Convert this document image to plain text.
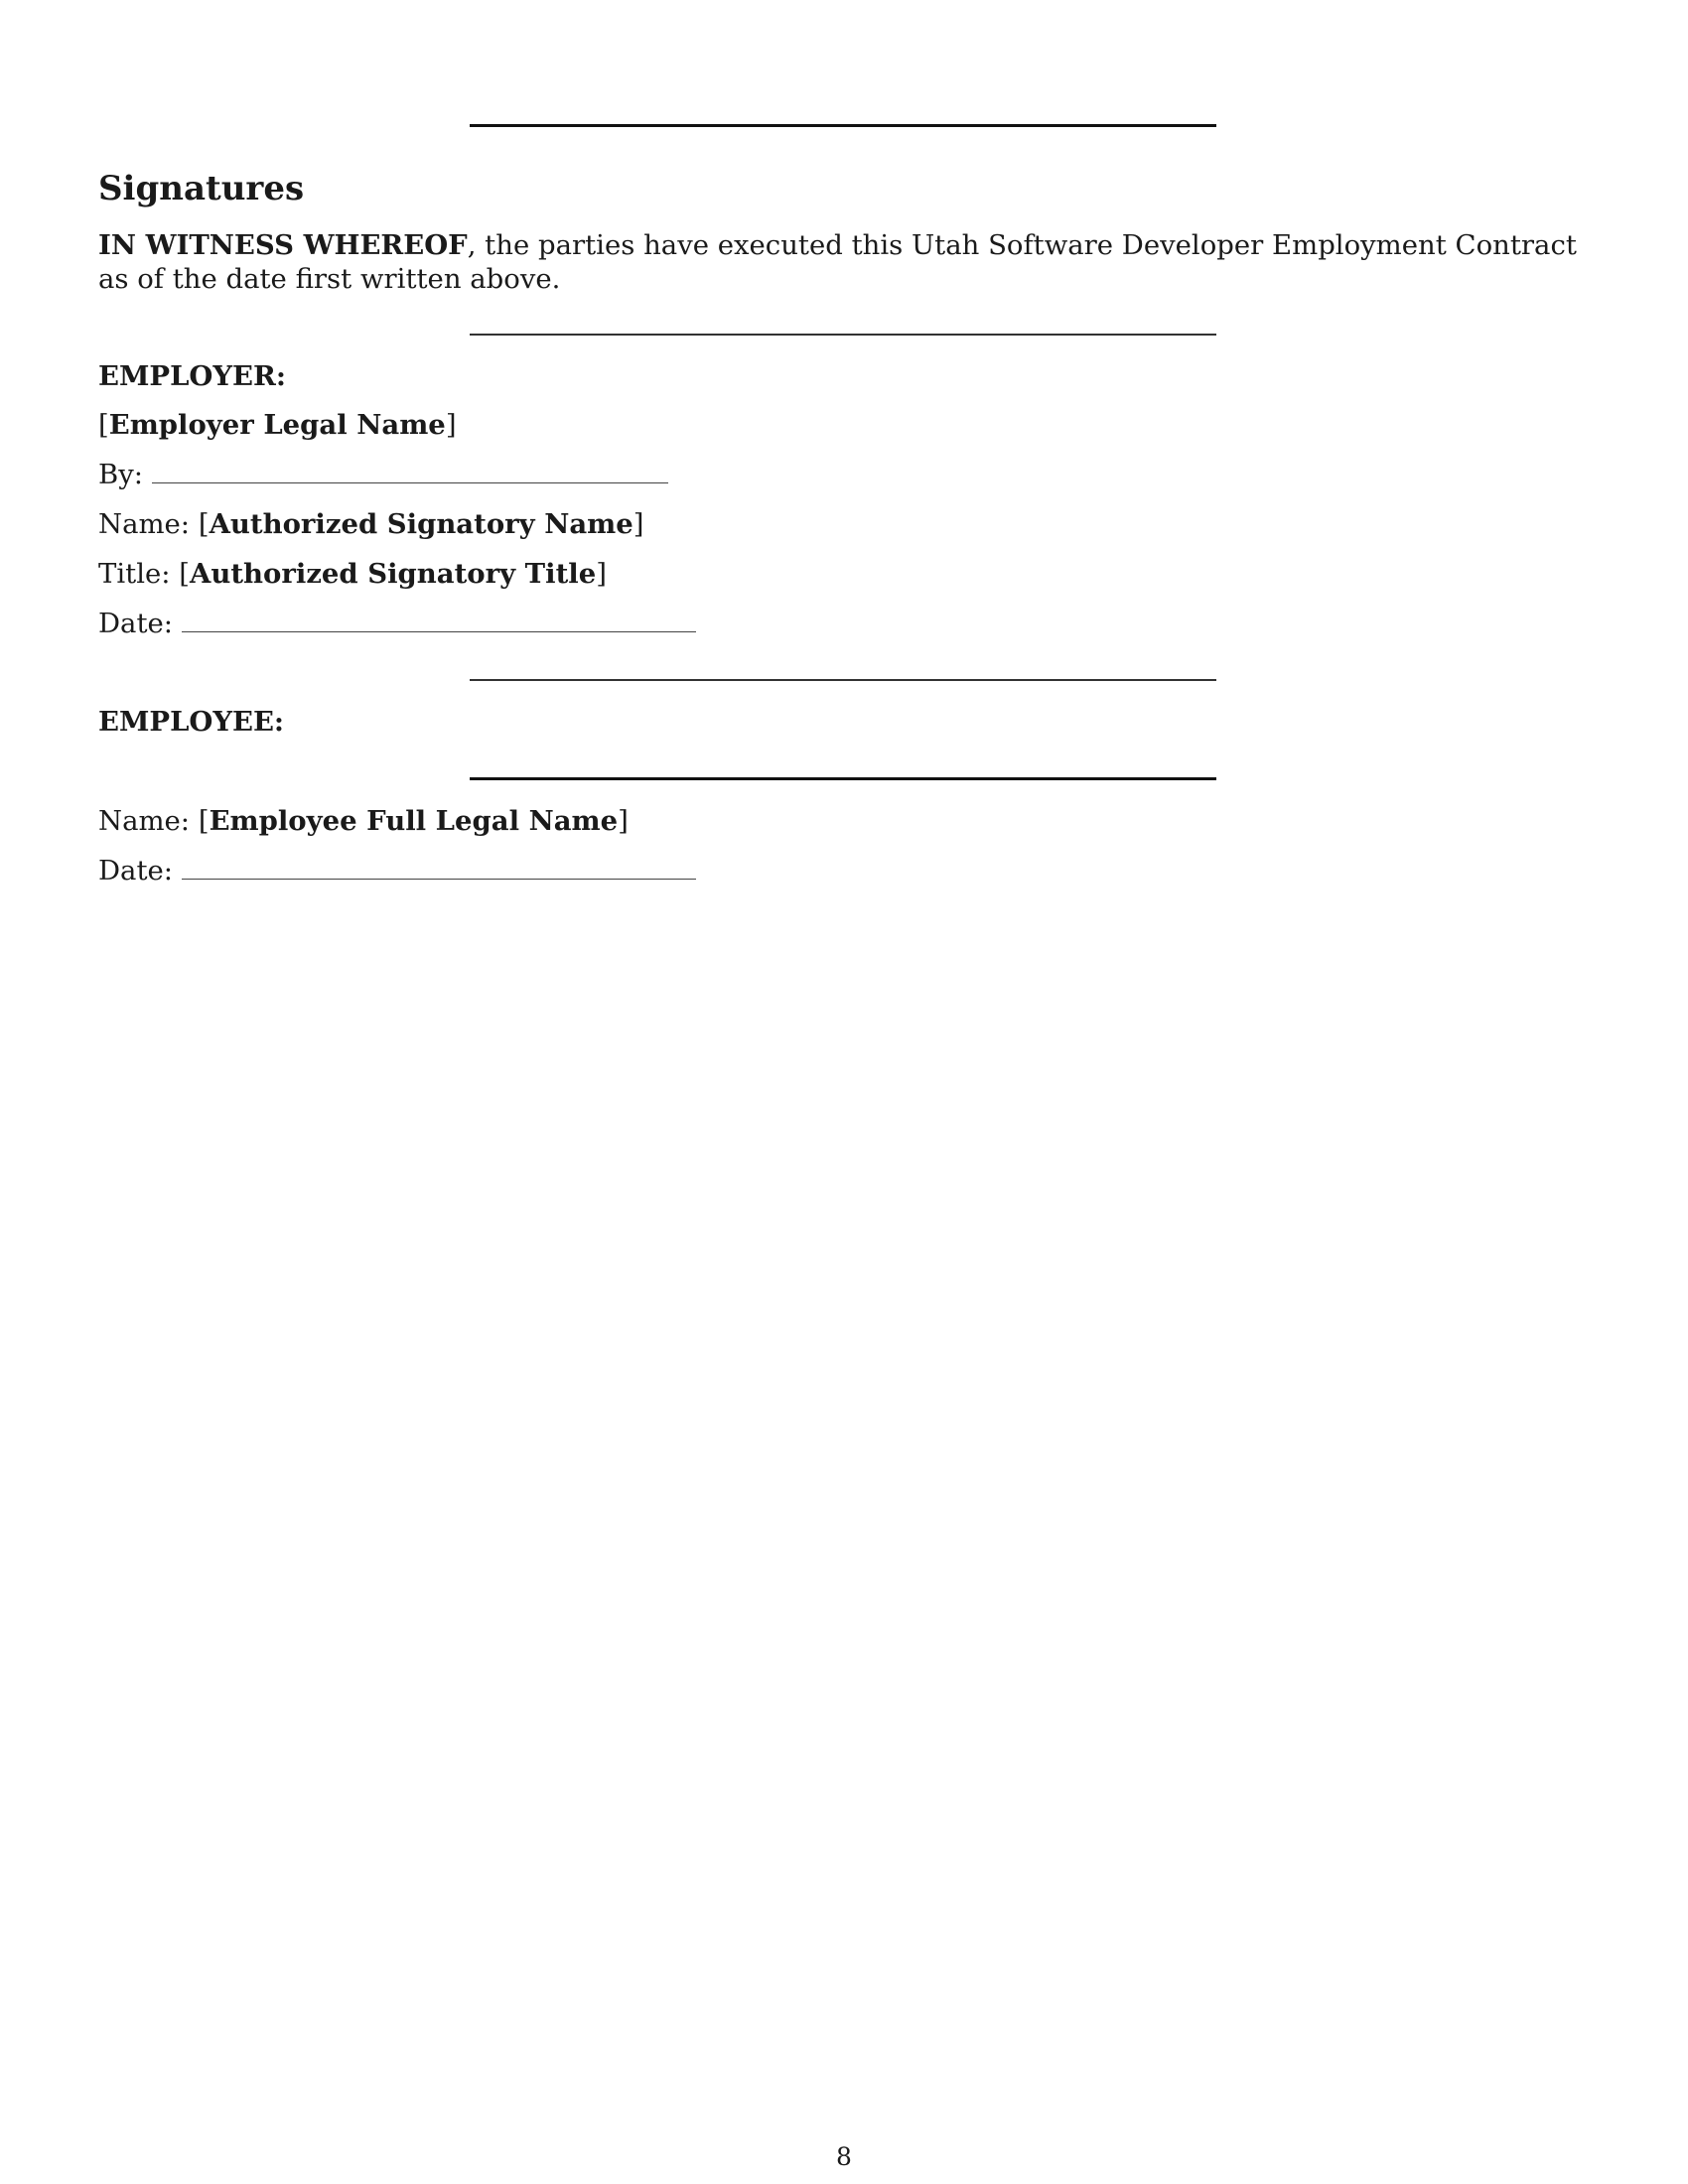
Signatures

IN WITNESS WHEREOF, the parties have executed this Utah Software Developer Employment Contract as of the date first written above.

EMPLOYER:
[Employer Legal Name]
By:
Name: [Authorized Signatory Name]
Title: [Authorized Signatory Title]
Date:
EMPLOYEE:
Name: [Employee Full Legal Name]
Date:
8
